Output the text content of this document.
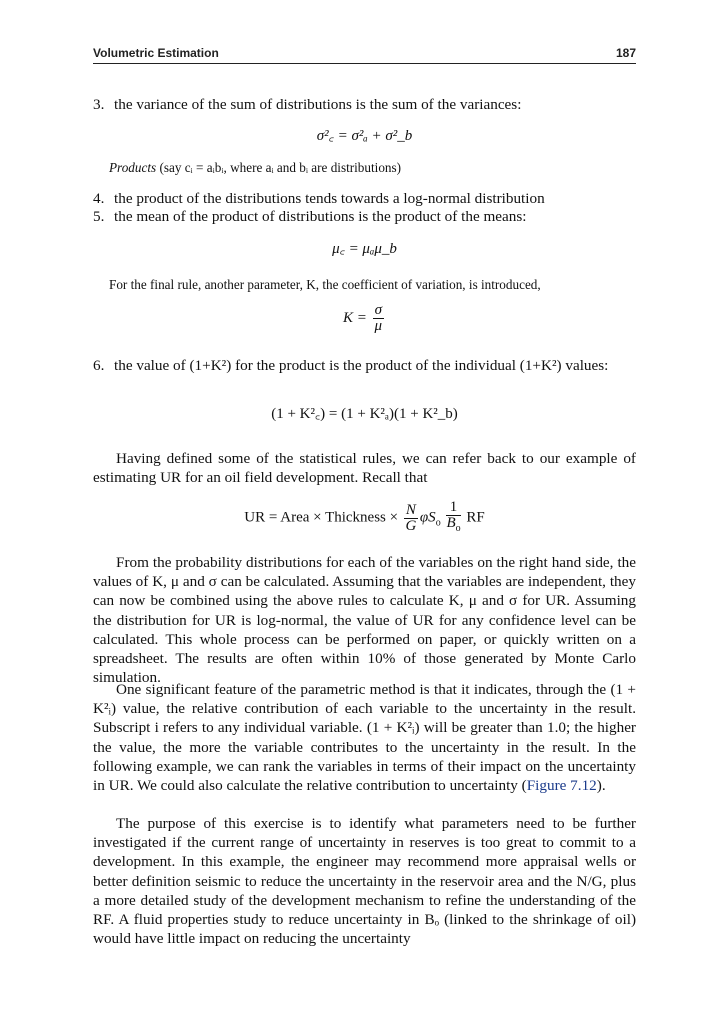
Volumetric Estimation	187
3. the variance of the sum of distributions is the sum of the variances:
σ²꜀ = σ²ₐ + σ²_b
Products (say cᵢ = aᵢbᵢ, where aᵢ and bᵢ are distributions)
4. the product of the distributions tends towards a log-normal distribution
5. the mean of the product of distributions is the product of the means:
μ꜀ = μₐμ_b
For the final rule, another parameter, K, the coefficient of variation, is introduced,
$K = \frac{\sigma}{\mu}$
6. the value of (1+K²) for the product is the product of the individual (1+K²) values:
(1 + K²꜀) = (1 + K²ₐ)(1 + K²_b)
Having defined some of the statistical rules, we can refer back to our example of estimating UR for an oil field development. Recall that
UR = Area × Thickness × $\frac{N}{G} \varphi S_o \frac{1}{B_o}$ RF
From the probability distributions for each of the variables on the right hand side, the values of K, μ and σ can be calculated. Assuming that the variables are independent, they can now be combined using the above rules to calculate K, μ and σ for UR. Assuming the distribution for UR is log-normal, the value of UR for any confidence level can be calculated. This whole process can be performed on paper, or quickly written on a spreadsheet. The results are often within 10% of those generated by Monte Carlo simulation.
One significant feature of the parametric method is that it indicates, through the (1 + K²ᵢ) value, the relative contribution of each variable to the uncertainty in the result. Subscript i refers to any individual variable. (1 + K²ᵢ) will be greater than 1.0; the higher the value, the more the variable contributes to the uncertainty in the result. In the following example, we can rank the variables in terms of their impact on the uncertainty in UR. We could also calculate the relative contribution to uncertainty (Figure 7.12).
The purpose of this exercise is to identify what parameters need to be further investigated if the current range of uncertainty in reserves is too great to commit to a development. In this example, the engineer may recommend more appraisal wells or better definition seismic to reduce the uncertainty in the reservoir area and the N/G, plus a more detailed study of the development mechanism to refine the understanding of the RF. A fluid properties study to reduce uncertainty in Bₒ (linked to the shrinkage of oil) would have little impact on reducing the uncertainty
